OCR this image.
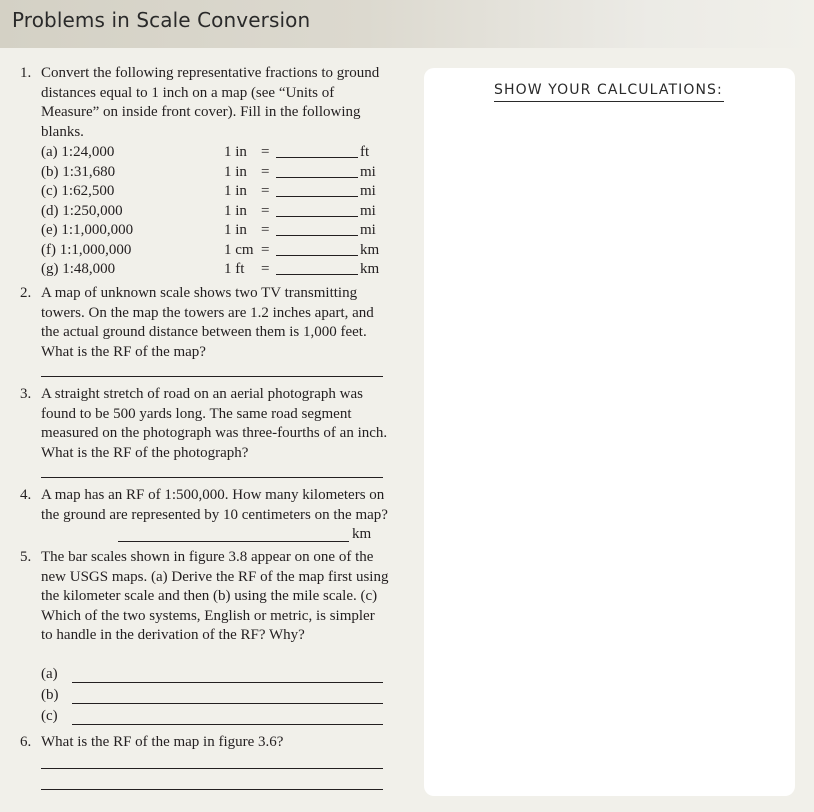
Problems in Scale Conversion
SHOW YOUR CALCULATIONS:
1. Convert the following representative fractions to ground distances equal to 1 inch on a map (see “Units of Measure” on inside front cover). Fill in the following blanks.
(a) 1:24,000	1 in =	ft
(b) 1:31,680	1 in =	mi
(c) 1:62,500	1 in =	mi
(d) 1:250,000	1 in =	mi
(e) 1:1,000,000	1 in =	mi
(f) 1:1,000,000	1 cm =	km
(g) 1:48,000	1 ft =	km
2. A map of unknown scale shows two TV transmitting towers. On the map the towers are 1.2 inches apart, and the actual ground distance between them is 1,000 feet. What is the RF of the map?
3. A straight stretch of road on an aerial photograph was found to be 500 yards long. The same road segment measured on the photograph was three-fourths of an inch. What is the RF of the photograph?
4. A map has an RF of 1:500,000. How many kilometers on the ground are represented by 10 centimeters on the map?
km
5. The bar scales shown in figure 3.8 appear on one of the new USGS maps. (a) Derive the RF of the map first using the kilometer scale and then (b) using the mile scale. (c) Which of the two systems, English or metric, is simpler to handle in the derivation of the RF? Why?
(a)
(b)
(c)
6. What is the RF of the map in figure 3.6?
